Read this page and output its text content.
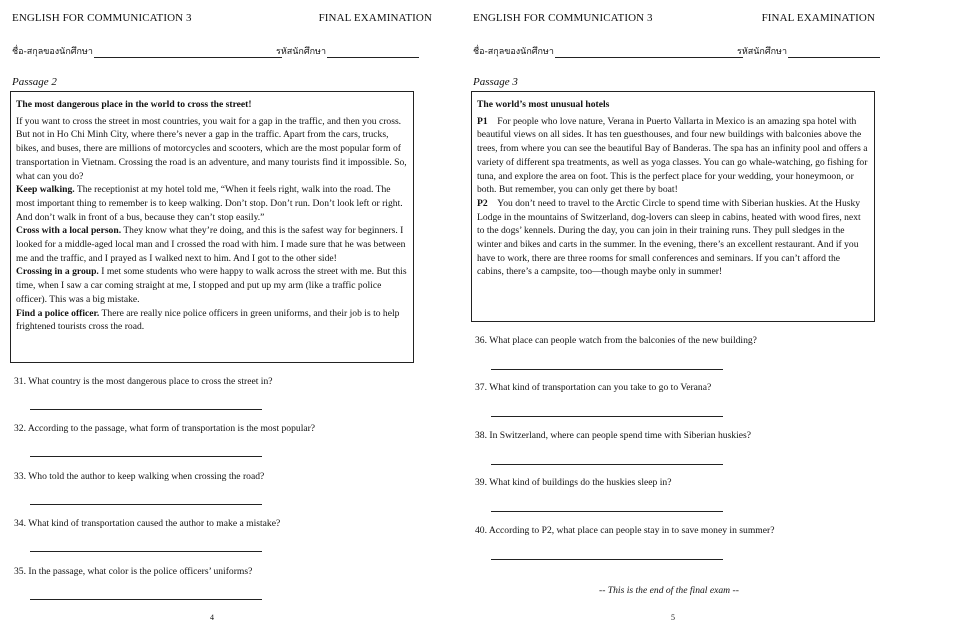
ENGLISH FOR COMMUNICATION 3	FINAL EXAMINATION
ชื่อ-สกุลของนักศึกษา	รหัสนักศึกษา
Passage 2

The most dangerous place in the world to cross the street!

If you want to cross the street in most countries, you wait for a gap in the traffic, and then you cross. But not in Ho Chi Minh City, where there’s never a gap in the traffic. Apart from the cars, trucks, bikes, and buses, there are millions of motorcycles and scooters, which are the most popular form of transportation in Vietnam. Crossing the road is an adventure, and many tourists find it impossible. So, what can you do?

Keep walking. The receptionist at my hotel told me, “When it feels right, walk into the road. The most important thing to remember is to keep walking. Don’t stop. Don’t run. Don’t look left or right. And don’t walk in front of a bus, because they can’t stop easily.”

Cross with a local person. They know what they’re doing, and this is the safest way for beginners. I looked for a middle-aged local man and I crossed the road with him. I made sure that he was between me and the traffic, and I prayed as I walked next to him. And I got to the other side!

Crossing in a group. I met some students who were happy to walk across the street with me. But this time, when I saw a car coming straight at me, I stopped and put up my arm (like a traffic police officer). This was a big mistake.

Find a police officer. There are really nice police officers in green uniforms, and their job is to help frightened tourists cross the road.

31. What country is the most dangerous place to cross the street in?
32. According to the passage, what form of transportation is the most popular?
33. Who told the author to keep walking when crossing the road?
34. What kind of transportation caused the author to make a mistake?
35. In the passage, what color is the police officers’ uniforms?
4
ENGLISH FOR COMMUNICATION 3	FINAL EXAMINATION
ชื่อ-สกุลของนักศึกษา	รหัสนักศึกษา
Passage 3

The world’s most unusual hotels

P1 For people who love nature, Verana in Puerto Vallarta in Mexico is an amazing spa hotel with beautiful views on all sides. It has ten guesthouses, and four new buildings with balconies above the trees, from where you can see the beautiful Bay of Banderas. The spa has an infinity pool and offers a variety of different spa treatments, as well as yoga classes. You can go whale-watching, go fishing for tuna, and explore the area on foot. This is the perfect place for your wedding, your honeymoon, or both. But remember, you can only get there by boat!

P2 You don’t need to travel to the Arctic Circle to spend time with Siberian huskies. At the Husky Lodge in the mountains of Switzerland, dog-lovers can sleep in cabins, heated with wood fires, next to the dogs’ kennels. During the day, you can join in their training runs. They pull sledges in the winter and bikes and carts in the summer. In the evening, there’s an excellent restaurant. And if you have to work, there are three rooms for small conferences and seminars. If you can’t afford the cabins, there’s a campsite, too—though maybe only in summer!

36. What place can people watch from the balconies of the new building?
37. What kind of transportation can you take to go to Verana?
38. In Switzerland, where can people spend time with Siberian huskies?
39. What kind of buildings do the huskies sleep in?
40. According to P2, what place can people stay in to save money in summer?
-- This is the end of the final exam --
5
